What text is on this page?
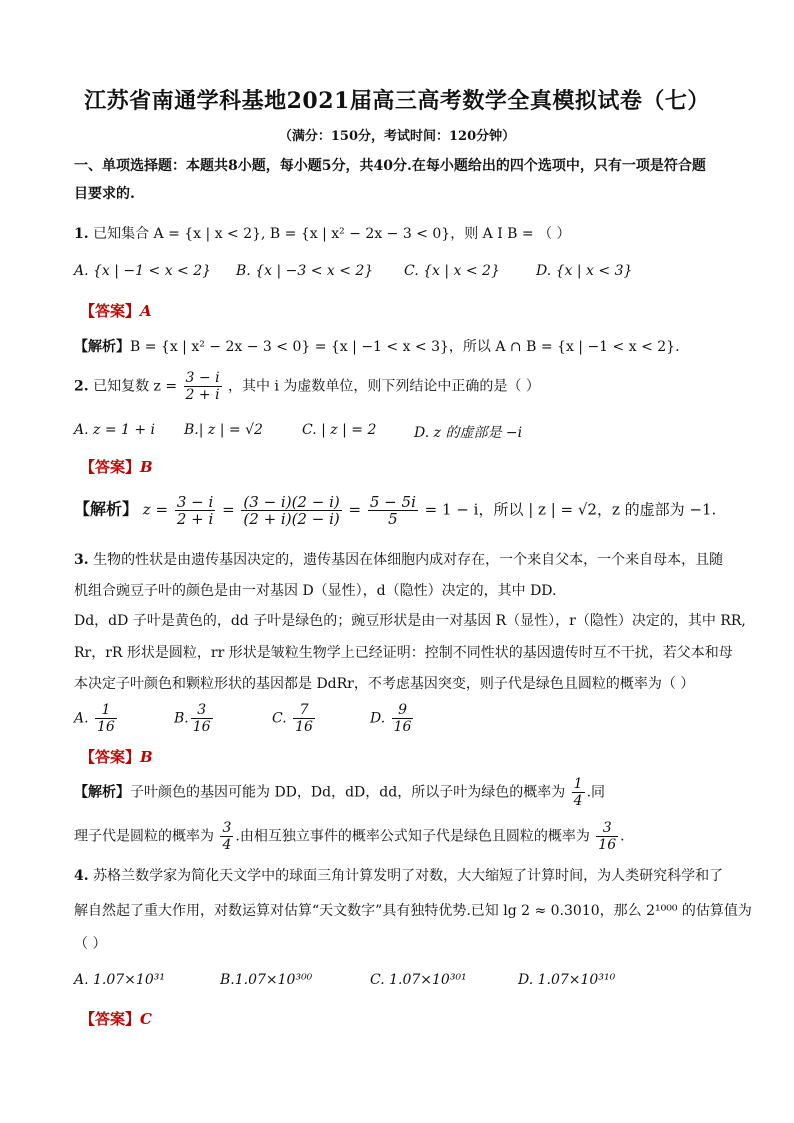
江苏省南通学科基地2021届高三高考数学全真模拟试卷（七）
（满分：150分，考试时间：120分钟）
一、单项选择题：本题共8小题，每小题5分，共40分.在每小题给出的四个选项中，只有一项是符合题
目要求的.
1. 已知集合 A = {x | x < 2}, B = {x | x² − 2x − 3 < 0}，则 A I B = （ ）
A. {x | −1 < x < 2} B. {x | −3 < x < 2} C. {x | x < 2}	D. {x | x < 3}
【答案】A
【解析】B = {x | x² − 2x − 3 < 0} = {x | −1 < x < 3}，所以 A ∩ B = {x | −1 < x < 2}.
2. 已知复数 $z = \frac{3 - i}{2 + i}$ ，其中 i 为虚数单位，则下列结论中正确的是（ ）
A. z = 1 + i B.| z | = √2	C. | z | = 2	D. z 的虚部是 −i
【答案】B
【解析】 $z = \frac{3 - i}{2 + i} = \frac{(3 - i)(2 - i)}{(2 + i)(2 - i)} = \frac{5 - 5i}{5} = 1 - i$，所以 | z | = √2，z 的虚部为 −1.
3. 生物的性状是由遗传基因决定的，遗传基因在体细胞内成对存在，一个来自父本，一个来自母本，且随
机组合豌豆子叶的颜色是由一对基因 D（显性），d（隐性）决定的，其中 DD.
Dd，dD 子叶是黄色的，dd 子叶是绿色的；豌豆形状是由一对基因 R（显性），r（隐性）决定的，其中 RR,
Rr，rR 形状是圆粒，rr 形状是皱粒生物学上已经证明：控制不同性状的基因遗传时互不干扰，若父本和母
本决定子叶颜色和颗粒形状的基因都是 DdRr，不考虑基因突变，则子代是绿色且圆粒的概率为（ ）
A. $\frac{1}{16}$	B. $\frac{3}{16}$	C. $\frac{7}{16}$	D. $\frac{9}{16}$
【答案】B
【解析】子叶颜色的基因可能为 DD，Dd，dD，dd，所以子叶为绿色的概率为 $\frac{1}{4}$ .同
理子代是圆粒的概率为 $\frac{3}{4}$ .由相互独立事件的概率公式知子代是绿色且圆粒的概率为 $\frac{3}{16}$ .
4. 苏格兰数学家为简化天文学中的球面三角计算发明了对数，大大缩短了计算时间，为人类研究科学和了
解自然起了重大作用，对数运算对估算“天文数字”具有独特优势.已知 lg 2 ≈ 0.3010，那么 2¹⁰⁰⁰ 的估算值为
（ ）
A. 1.07×10³¹	B.1.07×10³⁰⁰	C. 1.07×10³⁰¹	D. 1.07×10³¹⁰
【答案】C
